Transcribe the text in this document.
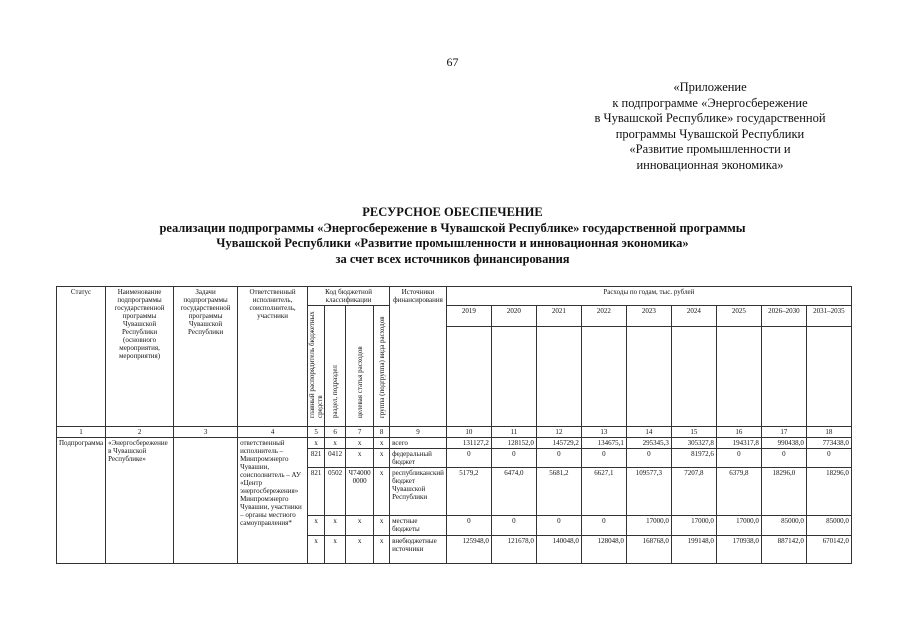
67
«Приложение
к подпрограмме «Энергосбережение
в Чувашской Республике» государственной
программы Чувашской Республики
«Развитие промышленности и
инновационная экономика»
РЕСУРСНОЕ ОБЕСПЕЧЕНИЕ
реализации подпрограммы «Энергосбережение в Чувашской Республике» государственной программы
Чувашской Республики «Развитие промышленности и инновационная экономика»
за счет всех источников финансирования
Статус	Наименование подпрограммы государственной программы Чувашской Республики (основного мероприятия, мероприятия)	Задачи подпрограммы государственной программы Чувашской Республики	Ответственный исполнитель, соисполнитель, участники	Код бюджетной классификации				Источники финансирования	Расходы по годам, тыс. рублей								

				главный распорядитель бюджетных средств	раздел, подраздел	целевая статья расходов	группа (подгруппа) вида расходов		2019	2020	2021	2022	2023	2024	2025	2026–2030	2031–2035

1	2	3	4	5	6	7	8	9	10	11	12	13	14	15	16	17	18
Подпрограмма	«Энергосбережение в Чувашской Республике»		ответственный исполнитель – Минпромэнерго Чувашии, соисполнитель – АУ «Центр энергосбережения» Минпромэнерго Чувашии, участники – органы местного самоуправления*	x	x	x	x	всего	131127,2	128152,0	145729,2	134675,1	295345,3	305327,8	194317,8	990438,0	773438,0
				821	0412	x	x	федеральный бюджет	0	0	0	0	0	81972,6	0	0	0
				821	0502	Ч740000000	x	республиканский бюджет Чувашской Республики	5179,2	6474,0	5681,2	6627,1	109577,3	7207,8	6379,8	18296,0	18296,0
				x	x	x	x	местные бюджеты	0	0	0	0	17000,0	17000,0	17000,0	85000,0	85000,0
				x	x	x	x	внебюджетные источники	125948,0	121678,0	140048,0	128048,0	168768,0	199148,0	170938,0	887142,0	670142,0
